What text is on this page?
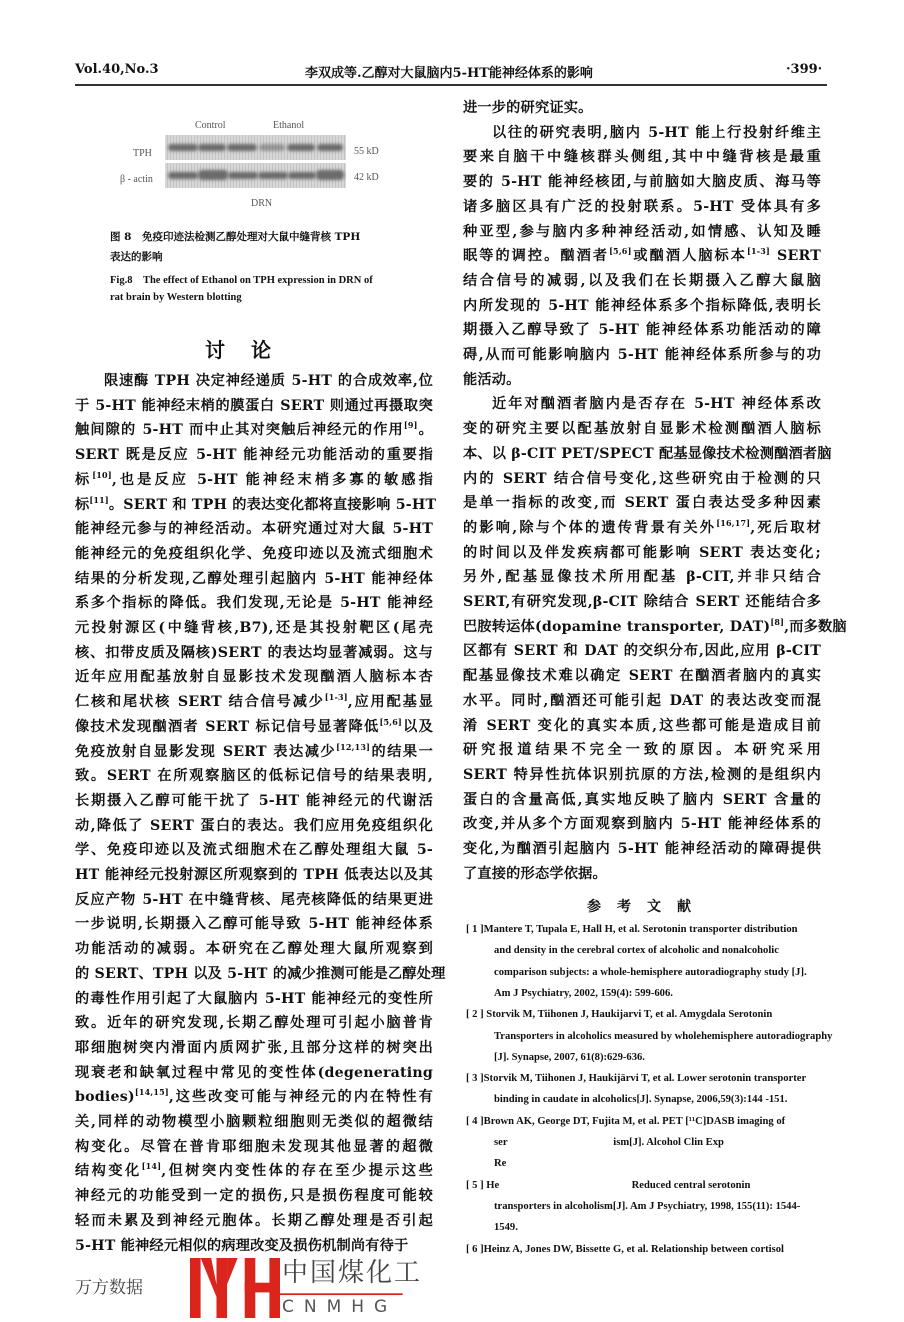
Vol.40,No.3	李双成等.乙醇对大鼠脑内5-HT能神经体系的影响	·399·
Control	Ethanol
TPH
β - actin
55 kD
42 kD
DRN
图 8　免疫印迹法检测乙醇处理对大鼠中缝背核 TPH
表达的影响
Fig.8　The effect of Ethanol on TPH expression in DRN of
rat brain by Western blotting
讨论
限速酶 TPH 决定神经递质 5-HT 的合成效率,位
于 5-HT 能神经末梢的膜蛋白 SERT 则通过再摄取突
触间隙的 5-HT 而中止其对突触后神经元的作用[9]。
SERT 既是反应 5-HT 能神经元功能活动的重要指
标[10],也是反应 5-HT 能神经末梢多寡的敏感指
标[11]。SERT 和 TPH 的表达变化都将直接影响 5-HT
能神经元参与的神经活动。本研究通过对大鼠 5-HT
能神经元的免疫组织化学、免疫印迹以及流式细胞术
结果的分析发现,乙醇处理引起脑内 5-HT 能神经体
系多个指标的降低。我们发现,无论是 5-HT 能神经
元投射源区(中缝背核,B7),还是其投射靶区(尾壳
核、扣带皮质及隔核)SERT 的表达均显著减弱。这与
近年应用配基放射自显影技术发现酗酒人脑标本杏
仁核和尾状核 SERT 结合信号减少[1-3],应用配基显
像技术发现酗酒者 SERT 标记信号显著降低[5,6]以及
免疫放射自显影发现 SERT 表达减少[12,13]的结果一
致。SERT 在所观察脑区的低标记信号的结果表明,
长期摄入乙醇可能干扰了 5-HT 能神经元的代谢活
动,降低了 SERT 蛋白的表达。我们应用免疫组织化
学、免疫印迹以及流式细胞术在乙醇处理组大鼠 5-
HT 能神经元投射源区所观察到的 TPH 低表达以及其
反应产物 5-HT 在中缝背核、尾壳核降低的结果更进
一步说明,长期摄入乙醇可能导致 5-HT 能神经体系
功能活动的减弱。本研究在乙醇处理大鼠所观察到
的 SERT、TPH 以及 5-HT 的减少推测可能是乙醇处理
的毒性作用引起了大鼠脑内 5-HT 能神经元的变性所
致。近年的研究发现,长期乙醇处理可引起小脑普肯
耶细胞树突内滑面内质网扩张,且部分这样的树突出
现衰老和缺氧过程中常见的变性体(degenerating
bodies)[14,15],这些改变可能与神经元的内在特性有
关,同样的动物模型小脑颗粒细胞则无类似的超微结
构变化。尽管在普肯耶细胞未发现其他显著的超微
结构变化[14],但树突内变性体的存在至少提示这些
神经元的功能受到一定的损伤,只是损伤程度可能较
轻而未累及到神经元胞体。长期乙醇处理是否引起
5-HT 能神经元相似的病理改变及损伤机制尚有待于
进一步的研究证实。
以往的研究表明,脑内 5-HT 能上行投射纤维主
要来自脑干中缝核群头侧组,其中中缝背核是最重
要的 5-HT 能神经核团,与前脑如大脑皮质、海马等
诸多脑区具有广泛的投射联系。5-HT 受体具有多
种亚型,参与脑内多种神经活动,如情感、认知及睡
眠等的调控。酗酒者[5,6]或酗酒人脑标本[1-3] SERT
结合信号的减弱,以及我们在长期摄入乙醇大鼠脑
内所发现的 5-HT 能神经体系多个指标降低,表明长
期摄入乙醇导致了 5-HT 能神经体系功能活动的障
碍,从而可能影响脑内 5-HT 能神经体系所参与的功
能活动。
近年对酗酒者脑内是否存在 5-HT 神经体系改
变的研究主要以配基放射自显影术检测酗酒人脑标
本、以 β-CIT PET/SPECT 配基显像技术检测酗酒者脑
内的 SERT 结合信号变化,这些研究由于检测的只
是单一指标的改变,而 SERT 蛋白表达受多种因素
的影响,除与个体的遗传背景有关外[16,17],死后取材
的时间以及伴发疾病都可能影响 SERT 表达变化;
另外,配基显像技术所用配基 β-CIT,并非只结合
SERT,有研究发现,β-CIT 除结合 SERT 还能结合多
巴胺转运体(dopamine transporter, DAT)[8],而多数脑
区都有 SERT 和 DAT 的交织分布,因此,应用 β-CIT
配基显像技术难以确定 SERT 在酗酒者脑内的真实
水平。同时,酗酒还可能引起 DAT 的表达改变而混
淆 SERT 变化的真实本质,这些都可能是造成目前
研究报道结果不完全一致的原因。本研究采用
SERT 特异性抗体识别抗原的方法,检测的是组织内
蛋白的含量高低,真实地反映了脑内 SERT 含量的
改变,并从多个方面观察到脑内 5-HT 能神经体系的
变化,为酗酒引起脑内 5-HT 能神经活动的障碍提供
了直接的形态学依据。
参考文献
[ 1 ]Mantere T, Tupala E, Hall H, et al. Serotonin transporter distribution
and density in the cerebral cortex of alcoholic and nonalcoholic
comparison subjects: a whole-hemisphere autoradiography study [J].
Am J Psychiatry, 2002, 159(4): 599-606.
[ 2 ] Storvik M, Tiihonen J, Haukijarvi T, et al. Amygdala Serotonin
Transporters in alcoholics measured by wholehemisphere autoradiography
[J]. Synapse, 2007, 61(8):629-636.
[ 3 ]Storvik M, Tiihonen J, Haukijärvi T, et al. Lower serotonin transporter
binding in caudate in alcoholics[J]. Synapse, 2006,59(3):144 -151.
[ 4 ]Brown AK, George DT, Fujita M, et al. PET [¹¹C]DASB imaging of
ser                                        ism[J]. Alcohol Clin Exp
Re
[ 5 ] He                                                  Reduced central serotonin
transporters in alcoholism[J]. Am J Psychiatry, 1998, 155(11): 1544-
1549.
[ 6 ]Heinz A, Jones DW, Bissette G, et al. Relationship between cortisol
中国煤化工
CNMHG
万方数据
